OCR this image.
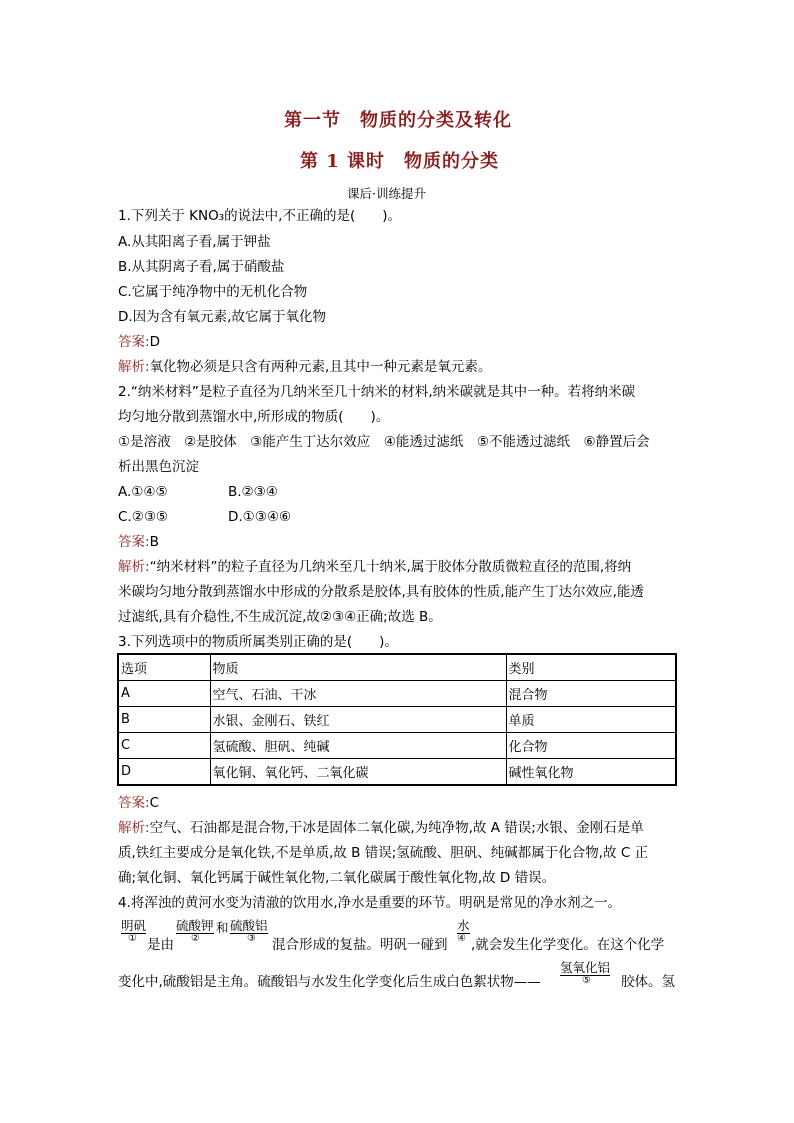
第一节　物质的分类及转化
第 1 课时　物质的分类
课后·训练提升
1.下列关于 KNO₃的说法中,不正确的是(　　)。
A.从其阳离子看,属于钾盐
B.从其阴离子看,属于硝酸盐
C.它属于纯净物中的无机化合物
D.因为含有氧元素,故它属于氧化物
答案:D
解析:氧化物必须是只含有两种元素,且其中一种元素是氧元素。
2.“纳米材料”是粒子直径为几纳米至几十纳米的材料,纳米碳就是其中一种。若将纳米碳
均匀地分散到蒸馏水中,所形成的物质(　　)。
①是溶液　②是胶体　③能产生丁达尔效应　④能透过滤纸　⑤不能透过滤纸　⑥静置后会
析出黑色沉淀
A.①④⑤	B.②③④
C.②③⑤	D.①③④⑥
答案:B
解析:“纳米材料”的粒子直径为几纳米至几十纳米,属于胶体分散质微粒直径的范围,将纳
米碳均匀地分散到蒸馏水中形成的分散系是胶体,具有胶体的性质,能产生丁达尔效应,能透
过滤纸,具有介稳性,不生成沉淀,故②③④正确;故选 B。
3.下列选项中的物质所属类别正确的是(　　)。
选项	物质	类别
A	空气、石油、干冰	混合物
B	水银、金刚石、铁红	单质
C	氢硫酸、胆矾、纯碱	化合物
D	氧化铜、氧化钙、二氧化碳	碱性氧化物
答案:C
解析:空气、石油都是混合物,干冰是固体二氧化碳,为纯净物,故 A 错误;水银、金刚石是单
质,铁红主要成分是氧化铁,不是单质,故 B 错误;氢硫酸、胆矾、纯碱都属于化合物,故 C 正
确;氧化铜、氧化钙属于碱性氧化物,二氧化碳属于酸性氧化物,故 D 错误。
4.将浑浊的黄河水变为清澈的饮用水,净水是重要的环节。明矾是常见的净水剂之一。
明矾
① 是由
硫酸钾
②
和 硫酸铝
③ 混合形成的复盐。明矾一碰到
水
④ ,就会发生化学变化。在这个化学
变化中,硫酸铝是主角。硫酸铝与水发生化学变化后生成白色絮状物——
氢氧化铝
⑤ 胶体。氢
